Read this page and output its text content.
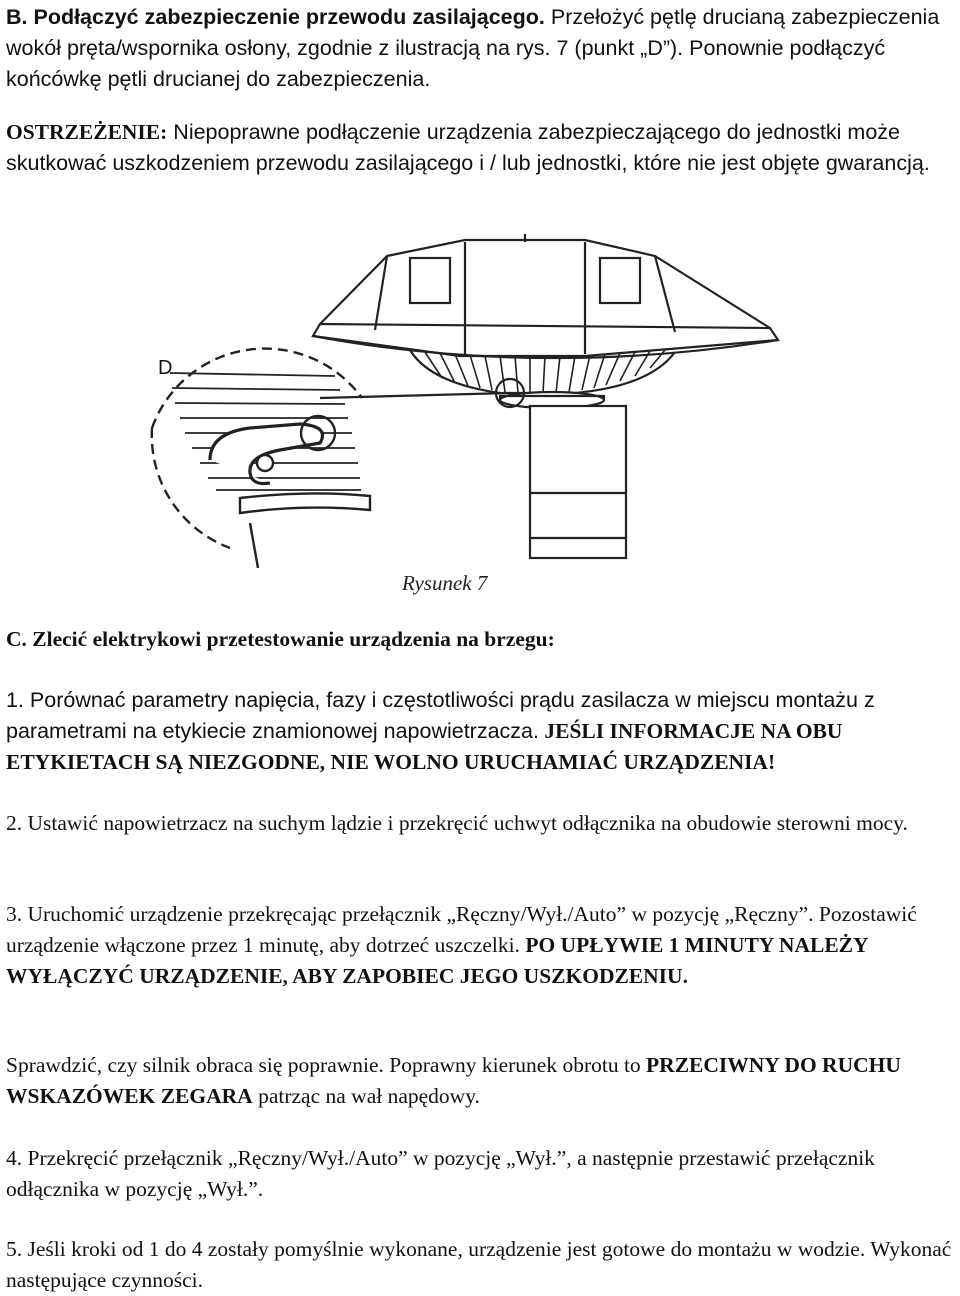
B. Podłączyć zabezpieczenie przewodu zasilającego. Przełożyć pętlę drucianą zabezpieczenia wokół pręta/wspornika osłony, zgodnie z ilustracją na rys. 7 (punkt „D”). Ponownie podłączyć końcówkę pętli drucianej do zabezpieczenia.

OSTRZEŻENIE: Niepoprawne podłączenie urządzenia zabezpieczającego do jednostki może skutkować uszkodzeniem przewodu zasilającego i / lub jednostki, które nie jest objęte gwarancją.

D

Rysunek 7

C. Zlecić elektrykowi przetestowanie urządzenia na brzegu:

1. Porównać parametry napięcia, fazy i częstotliwości prądu zasilacza w miejscu montażu z parametrami na etykiecie znamionowej napowietrzacza. JEŚLI INFORMACJE NA OBU ETYKIETACH SĄ NIEZGODNE, NIE WOLNO URUCHAMIAĆ URZĄDZENIA!

2. Ustawić napowietrzacz na suchym lądzie i przekręcić uchwyt odłącznika na obudowie sterowni mocy.

3. Uruchomić urządzenie przekręcając przełącznik „Ręczny/Wył./Auto” w pozycję „Ręczny”. Pozostawić urządzenie włączone przez 1 minutę, aby dotrzeć uszczelki. PO UPŁYWIE 1 MINUTY NALEŻY WYŁĄCZYĆ URZĄDZENIE, ABY ZAPOBIEC JEGO USZKODZENIU.

Sprawdzić, czy silnik obraca się poprawnie. Poprawny kierunek obrotu to PRZECIWNY DO RUCHU WSKAZÓWEK ZEGARA patrząc na wał napędowy.

4. Przekręcić przełącznik „Ręczny/Wył./Auto” w pozycję „Wył.”, a następnie przestawić przełącznik odłącznika w pozycję „Wył.”.

5. Jeśli kroki od 1 do 4 zostały pomyślnie wykonane, urządzenie jest gotowe do montażu w wodzie. Wykonać następujące czynności.
